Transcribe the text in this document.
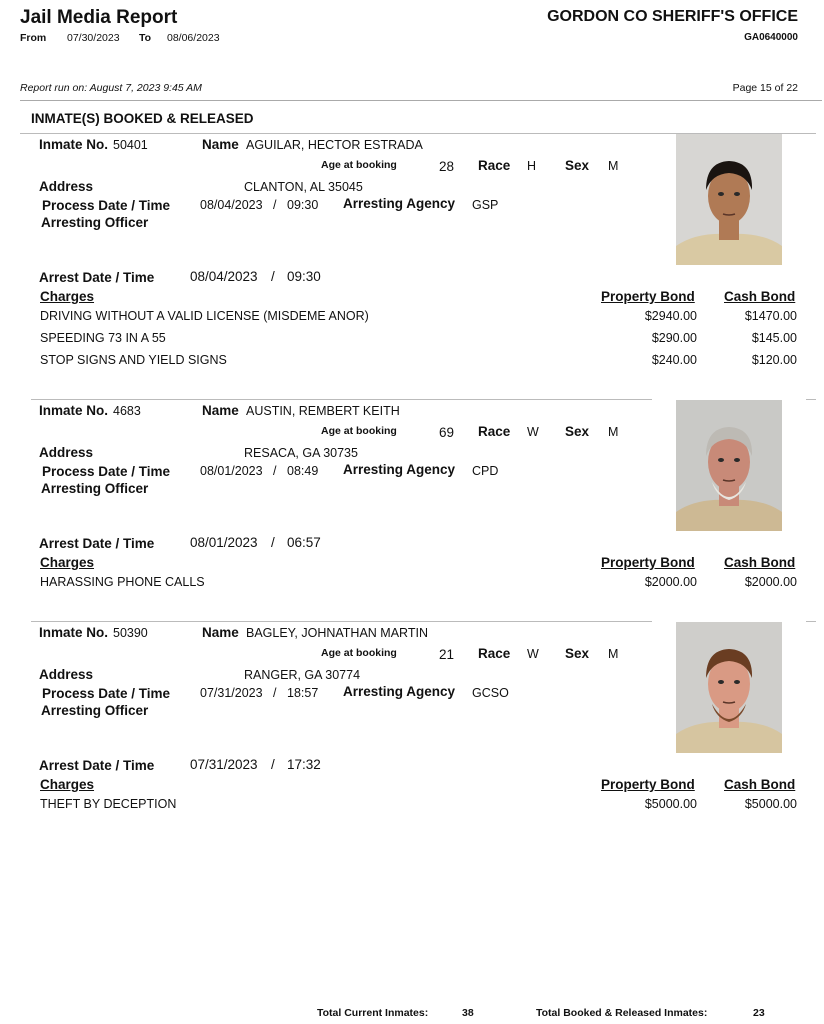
Jail Media Report
From 07/30/2023 To 08/06/2023
GORDON CO SHERIFF'S OFFICE
GA0640000
Report run on: August 7, 2023 9:45 AM	Page 15 of 22
INMATE(S) BOOKED & RELEASED
Inmate No. 50401	Name AGUILAR, HECTOR ESTRADA
Age at booking	28 Race H Sex M
Address	CLANTON, AL 35045
Process Date / Time 08/04/2023 / 09:30 Arresting Agency GSP
Arresting Officer
Arrest Date / Time	08/04/2023 / 09:30
Charges	Property Bond Cash Bond
DRIVING WITHOUT A VALID LICENSE (MISDEME ANOR)	$2940.00	$1470.00
SPEEDING 73 IN A 55	$290.00	$145.00
STOP SIGNS AND YIELD SIGNS	$240.00	$120.00
Inmate No. 4683	Name AUSTIN, REMBERT KEITH
Age at booking	69 Race W Sex M
Address	RESACA, GA 30735
Process Date / Time 08/01/2023 / 08:49 Arresting Agency CPD
Arresting Officer
Arrest Date / Time	08/01/2023 / 06:57
Charges	Property Bond Cash Bond
HARASSING PHONE CALLS	$2000.00	$2000.00
Inmate No. 50390	Name BAGLEY, JOHNATHAN MARTIN
Age at booking	21 Race W Sex M
Address	RANGER, GA 30774
Process Date / Time 07/31/2023 / 18:57 Arresting Agency GCSO
Arresting Officer
Arrest Date / Time	07/31/2023 / 17:32
Charges	Property Bond Cash Bond
THEFT BY DECEPTION	$5000.00	$5000.00
Total Current Inmates:	38	Total Booked & Released Inmates:	23
